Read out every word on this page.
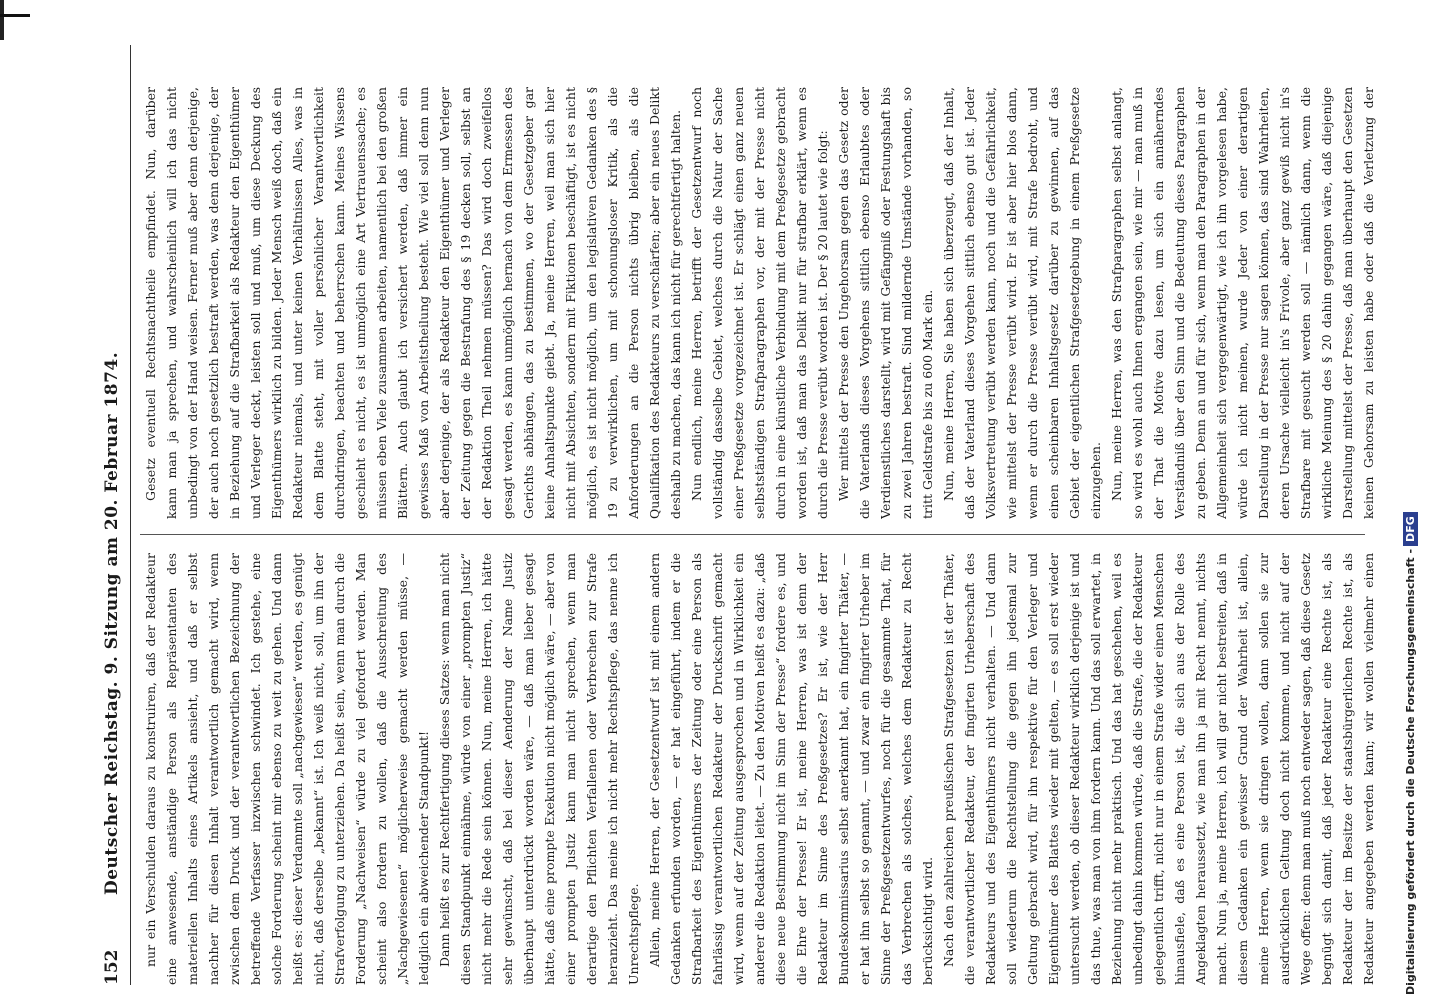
152
Deutscher Reichstag. 9. Sitzung am 20. Februar 1874. nur ein Verschulden daraus zu konstruiren, daß der Redakteur eine anwesende, anständige Person als Repräsentanten des materiellen Inhalts eines Artikels ansieht, und daß er selbst nachher für diesen Inhalt verantwortlich gemacht wird, wenn zwischen dem Druck und der verantwortlichen Bezeichnung der betreffende Verfasser inzwischen schwindet. Ich gestehe, eine solche Forderung scheint mir ebenso zu weit zu gehen. Und dann heißt es: dieser Verdammte soll „nachgewiesen“ werden, es genügt nicht, daß derselbe „bekannt“ ist. Ich weiß nicht, soll, um ihn der Strafverfolgung zu unterziehen. Da heißt sein, wenn man durch die Forderung „Nachweisen“ würde zu viel gefordert werden. Man scheint also fordern zu wollen, daß die Ausschreitung des „Nachgewiesenen“ möglicherweise gemacht werden müsse, — lediglich ein abweichender Standpunkt! Dann heißt es zur Rechtfertigung dieses Satzes: wenn man nicht diesen Standpunkt einnähme, würde von einer „prompten Justiz“ nicht mehr die Rede sein können. Nun, meine Herren, ich hätte sehr gewünscht, daß bei dieser Aenderung der Name Justiz überhaupt unterdrückt worden wäre, — daß man lieber gesagt hätte, daß eine prompte Exekution nicht möglich wäre, — aber von einer prompten Justiz kann man nicht sprechen, wenn man derartige den Pflichten Verfallenen oder Verbrechen zur Strafe heranzieht. Das meine ich nicht mehr Rechtspflege, das nenne ich Unrechtspflege. Allein, meine Herren, der Gesetzentwurf ist mit einem andern Gedanken erfunden worden, — er hat eingeführt, indem er die Strafbarkeit des Eigenthümers der Zeitung oder eine Person als fahrlässig verantwortlichen Redakteur der Druckschrift gemacht wird, wenn auf der Zeitung ausgesprochen und in Wirklichkeit ein anderer die Redaktion leitet. — Zu den Motiven heißt es dazu: „daß diese neue Bestimmung nicht im Sinn der Presse“ fordere es, und die Ehre der Presse! Er ist, meine Herren, was ist denn der Redakteur im Sinne des Preßgesetzes? Er ist, wie der Herr Bundeskommissarius selbst anerkannt hat, ein fingirter Thäter, — er hat ihn selbst so genannt, — und zwar ein fingirter Urheber im Sinne der Preßgesetzentwurfes, noch für die gesammte That, für das Verbrechen als solches, welches dem Redakteur zu Recht berücksichtigt wird. Nach den zahlreichen preußischen Strafgesetzen ist der Thäter, die verantwortlicher Redakteur, der fingirten Urheberschaft des Redakteurs und des Eigenthümers nicht verhalten. — Und dann soll wiederum die Rechtstellung die gegen ihn jedesmal zur Geltung gebracht wird, für ihn respektive für den Verleger und Eigenthümer des Blattes wieder mit gelten, — es soll erst wieder untersucht werden, ob dieser Redakteur wirklich derjenige ist und das thue, was man von ihm fordern kann. Und das soll erwartet, in Beziehung nicht mehr praktisch. Und das hat geschehen, weil es unbedingt dahin kommen würde, daß die Strafe, die der Redakteur gelegentlich trifft, nicht nur in einem Strafe wider einen Menschen hinausfiele, daß es eine Person ist, die sich aus der Rolle des Angeklagten heraussetzt, wie man ihn ja mit Recht nennt, nichts macht. Nun ja, meine Herren, ich will gar nicht bestreiten, daß in diesem Gedanken ein gewisser Grund der Wahrheit ist, allein, meine Herren, wenn sie dringen wollen, dann sollen sie zur ausdrücklichen Geltung doch nicht kommen, und nicht auf der Wege offen: denn man muß noch entweder sagen, daß diese Gesetz begnügt sich damit, daß jeder Redakteur eine Rechte ist, als Redakteur der im Besitze der staatsbürgerlichen Rechte ist, als Redakteur angegeben werden kann; wir wollen vielmehr einen

Gesetz eventuell Rechtsnachtheile empfindet. Nun, darüber kann man ja sprechen, und wahrscheinlich will ich das nicht unbedingt von der Hand weisen. Ferner muß aber denn derjenige, der auch noch gesetzlich bestraft werden, was denn derjenige, der in Beziehung auf die Strafbarkeit als Redakteur den Eigenthümer und Verleger deckt, leisten soll und muß, um diese Deckung des Eigenthümers wirklich zu bilden. Jeder Mensch weiß doch, daß ein Redakteur niemals, und unter keinen Verhältnissen Alles, was in dem Blatte steht, mit voller persönlicher Verantwortlichkeit durchdringen, beachten und beherrschen kann. Meines Wissens geschieht es nicht, es ist unmöglich eine Art Vertrauenssache; es müssen eben Viele zusammen arbeiten, namentlich bei den großen Blättern. Auch glaubt ich versichert werden, daß immer ein gewisses Maß von Arbeitstheilung besteht. Wie viel soll denn nun aber derjenige, der als Redakteur den Eigenthümer und Verleger der Zeitung gegen die Bestrafung des § 19 decken soll, selbst an der Redaktion Theil nehmen müssen? Das wird doch zweifellos gesagt werden, es kann unmöglich hernach von dem Ermessen des Gerichts abhängen, das zu bestimmen, wo der Gesetzgeber gar keine Anhaltspunkte giebt. Ja, meine Herren, weil man sich hier nicht mit Absichten, sondern mit Fiktionen beschäftigt, ist es nicht möglich, es ist nicht möglich, um den legislativen Gedanken des § 19 zu verwirklichen, um mit schonungsloser Kritik, als die Anforderungen an die Person nichts übrig bleiben, als die Qualifikation des Redakteurs zu verschärfen; aber ein neues Delikt deshalb zu machen, das kann ich nicht für gerechtfertigt halten. Nun endlich, meine Herren, betrifft der Gesetzentwurf noch vollständig dasselbe Gebiet, welches durch die Natur der Sache einer Preßgesetze vorgezeichnet ist. Er schlägt einen ganz neuen selbstständigen Strafparagraphen vor, der mit der Presse nicht durch in eine künstliche Verbindung mit dem Preßgesetze gebracht worden ist, daß man das Delikt nur für strafbar erklärt, wenn es durch die Presse verübt worden ist. Der § 20 lautet wie folgt: Wer mittels der Presse den Ungehorsam gegen das Gesetz oder die Vaterlands dieses Vorgehens sittlich ebenso Erlaubtes oder Verdienstliches darstellt, wird mit Gefängniß oder Festungshaft bis zu zwei Jahren bestraft. Sind mildernde Umstände vorhanden, so tritt Geldstrafe bis zu 600 Mark ein. Nun, meine Herren, Sie haben sich überzeugt, daß der Inhalt, daß der Vaterland dieses Vorgehen sittlich ebenso gut ist. Jeder Volksvertretung verübt werden kann, noch und die Gefährlichkeit, wie mittelst der Presse verübt wird. Er ist aber hier blos dann, wenn er durch die Presse verübt wird, mit Strafe bedroht, und einen scheinbaren Inhaltsgesetz darüber zu gewinnen, auf das Gebiet der eigentlichen Strafgesetzgebung in einem Preßgesetze einzugehen. Nun, meine Herren, was den Strafparagraphen selbst anlangt, so wird es wohl auch Ihnen ergangen sein, wie mir — man muß in der That die Motive dazu lesen, um sich ein annäherndes Verständniß über den Sinn und die Bedeutung dieses Paragraphen zu geben. Denn an und für sich, wenn man den Paragraphen in der Allgemeinheit sich vergegenwärtigt, wie ich ihn vorgelesen habe, würde ich nicht meinen, wurde Jeder von einer derartigen Darstellung in der Presse nur sagen können, das sind Wahrheiten, deren Ursache vielleicht in's Frivole, aber ganz gewiß nicht in's Strafbare mit gesucht werden soll — nämlich dann, wenn die wirkliche Meinung des § 20 dahin gegangen wäre, daß diejenige Darstellung mittelst der Presse, daß man überhaupt den Gesetzen keinen Gehorsam zu leisten habe oder daß die Verletzung der

Digitalisierung gefördert durch die Deutsche Forschungsgemeinschaft -DFG
